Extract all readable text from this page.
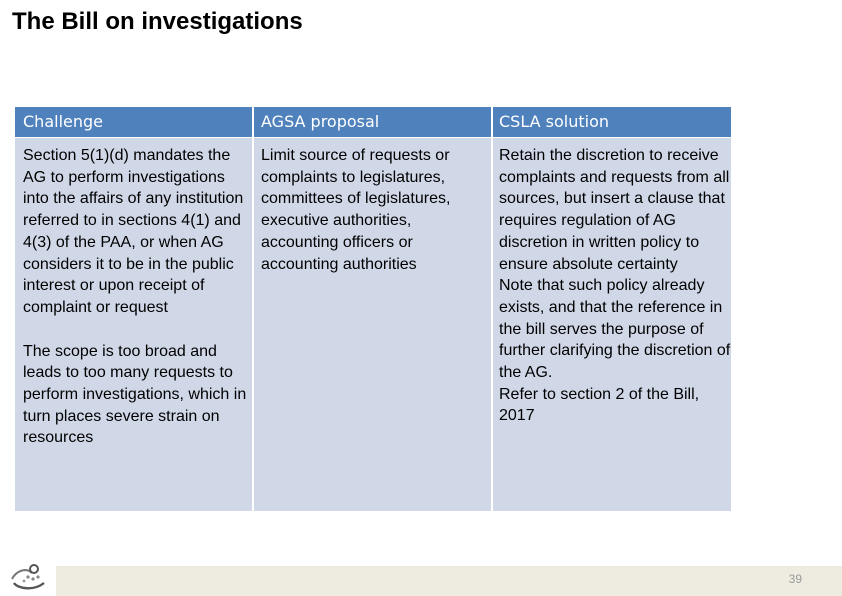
The Bill on investigations
Challenge	AGSA proposal	CSLA solution
Section 5(1)(d) mandates the AG to perform investigations into the affairs of any institution referred to in sections 4(1) and 4(3) of the PAA, or when AG considers it to be in the public interest or upon receipt of complaint or request
The scope is too broad and leads to too many requests to perform investigations, which in turn places severe strain on resources
Limit source of requests or complaints to legislatures, committees of legislatures, executive authorities, accounting officers or accounting authorities
Retain the discretion to receive complaints and requests from all sources, but insert a clause that requires regulation of AG discretion in written policy to ensure absolute certainty
Note that such policy already exists, and that the reference in the bill serves the purpose of further clarifying the discretion of the AG.
Refer to section 2 of the Bill, 2017
39
